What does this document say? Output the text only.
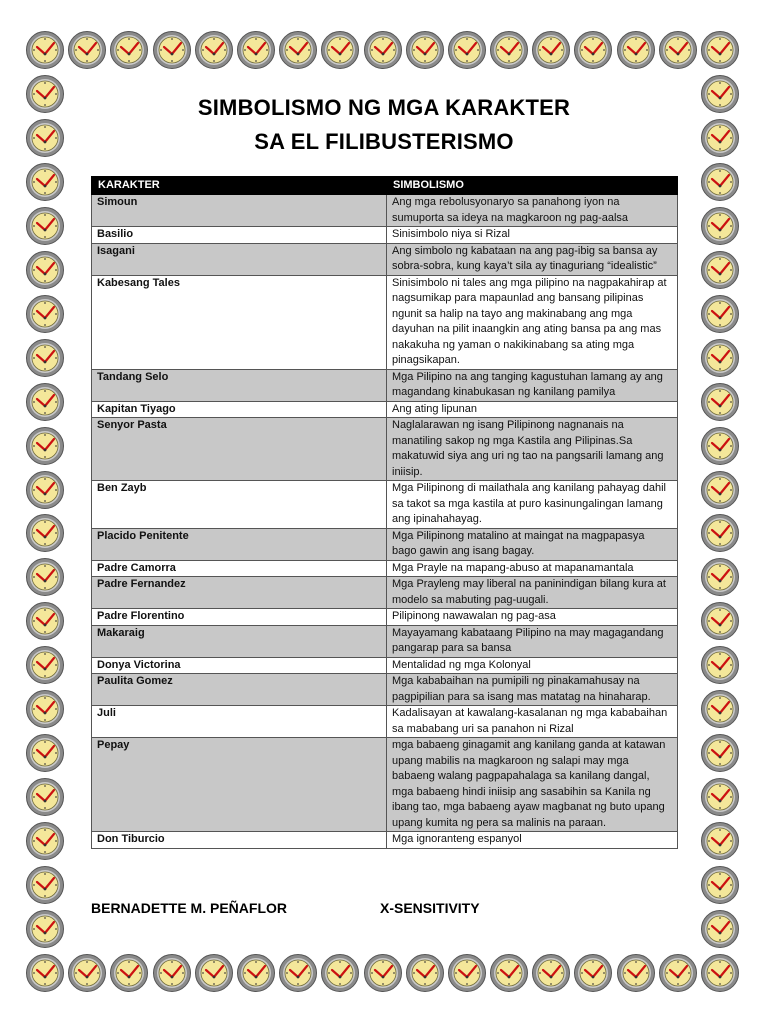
SIMBOLISMO NG MGA KARAKTER
SA EL FILIBUSTERISMO
KARAKTER	SIMBOLISMO
Simoun	Ang mga rebolusyonaryo sa panahong iyon na sumuporta sa ideya na magkaroon ng pag-aalsa
Basilio	Sinisimbolo niya si Rizal
Isagani	Ang simbolo ng kabataan na ang pag-ibig sa bansa ay sobra-sobra, kung kaya’t sila ay tinaguriang “idealistic”
Kabesang Tales	Sinisimbolo ni tales ang mga pilipino na nagpakahirap at nagsumikap para mapaunlad ang bansang pilipinas ngunit sa halip na tayo ang makinabang ang mga dayuhan na pilit inaangkin ang ating bansa pa ang mas nakakuha ng yaman o nakikinabang sa ating mga pinagsikapan.
Tandang Selo	Mga Pilipino na ang tanging kagustuhan lamang ay ang magandang kinabukasan ng kanilang pamilya
Kapitan Tiyago	Ang ating lipunan
Senyor Pasta	Naglalarawan ng isang Pilipinong nagnanais na manatiling sakop ng mga Kastila ang Pilipinas.Sa makatuwid siya ang uri ng tao na pangsarili lamang ang iniisip.
Ben Zayb	Mga Pilipinong di mailathala ang kanilang pahayag dahil sa takot sa mga kastila at puro kasinungalingan lamang ang ipinahahayag.
Placido Penitente	Mga Pilipinong matalino at maingat na magpapasya bago gawin ang isang bagay.
Padre Camorra	Mga Prayle na mapang-abuso at mapanamantala
Padre Fernandez	Mga Prayleng may liberal na paninindigan bilang kura at modelo sa mabuting pag-uugali.
Padre Florentino	Pilipinong nawawalan ng pag-asa
Makaraig	Mayayamang kabataang Pilipino na may magagandang pangarap para sa bansa
Donya Victorina	Mentalidad ng mga Kolonyal
Paulita Gomez	Mga kababaihan na pumipili ng pinakamahusay na pagpipilian para sa isang mas matatag na hinaharap.
Juli	Kadalisayan at kawalang-kasalanan ng mga kababaihan sa mababang uri sa panahon ni Rizal
Pepay	mga babaeng ginagamit ang kanilang ganda at katawan upang mabilis na magkaroon ng salapi may mga babaeng walang pagpapahalaga sa kanilang dangal, mga babaeng hindi iniisip ang sasabihin sa Kanila ng ibang tao, mga babaeng ayaw magbanat ng buto upang upang kumita ng pera sa malinis na paraan.
Don Tiburcio	Mga ignoranteng espanyol
BERNADETTE M. PEÑAFLOR	X-SENSITIVITY
